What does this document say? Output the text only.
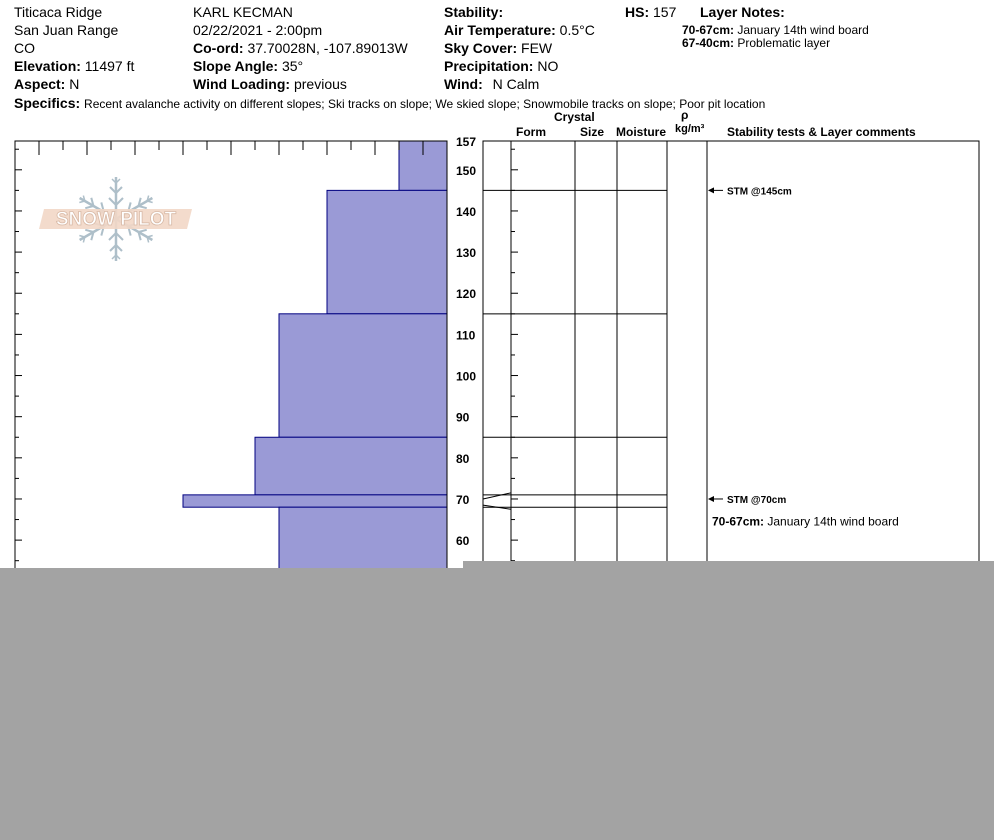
Titicaca Ridge
San Juan Range
CO
Elevation: 11497 ft
Aspect: N
KARL KECMAN
02/22/2021 - 2:00pm
Co-ord: 37.70028N, -107.89013W
Slope Angle: 35°
Wind Loading: previous
Stability:
Air Temperature: 0.5°C
Sky Cover: FEW
Precipitation: NO
Wind: N Calm
HS: 157 Layer Notes:
70-67cm: January 14th wind board
67-40cm: Problematic layer
Specifics: Recent avalanche activity on different slopes; Ski tracks on slope; We skied slope; Snowmobile tracks on slope; Poor pit location
Crystal
Form	Size Moisture
ρ
kg/m³ Stability tests & Layer comments
SNOW PILOT
60
70
80
90
100
110
120
130
140
150
157
STM @145cm
STM @70cm
70-67cm: January 14th wind board
